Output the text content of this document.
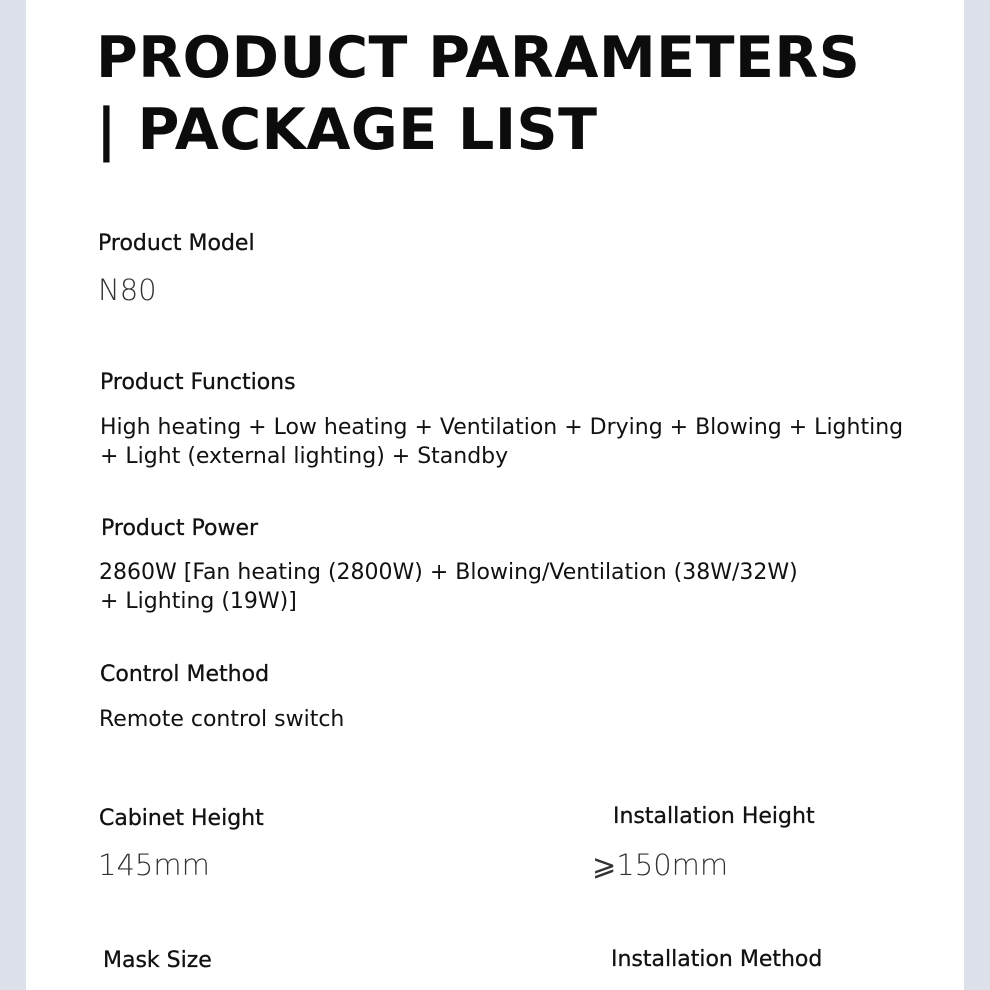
PRODUCT PARAMETERS
| PACKAGE LIST
Product Model
N80
Product Functions
High heating + Low heating + Ventilation + Drying + Blowing + Lighting
+ Light (external lighting) + Standby
Product Power
2860W [Fan heating (2800W) + Blowing/Ventilation (38W/32W)
+ Lighting (19W)]
Control Method
Remote control switch
Cabinet Height
145mm
Installation Height
⩾150mm
Mask Size	Installation Method
